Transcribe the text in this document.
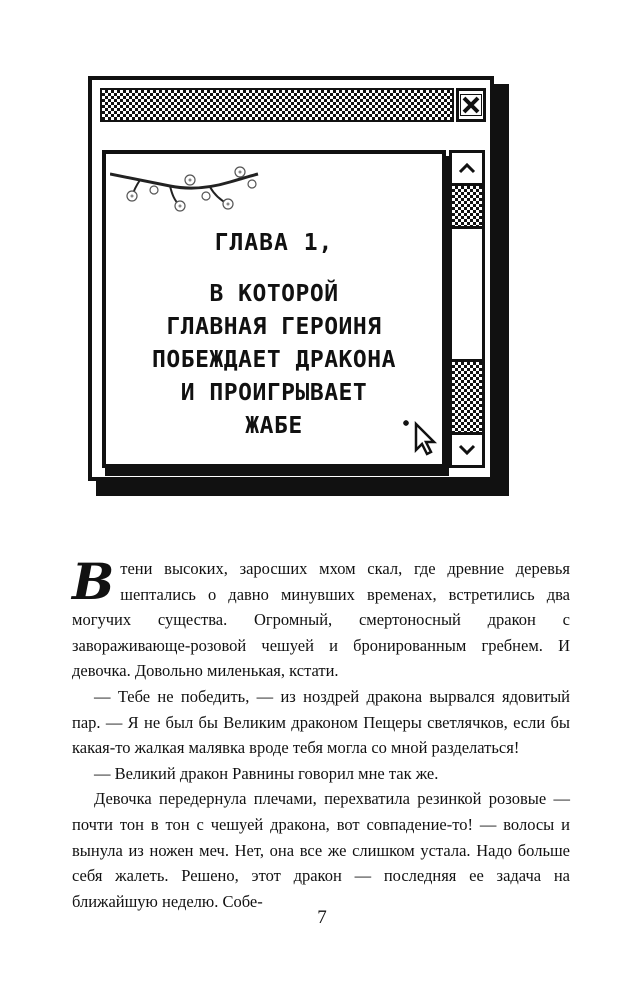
ГЛАВА 1,
В КОТОРОЙ
ГЛАВНАЯ ГЕРОИНЯ
ПОБЕЖДАЕТ ДРАКОНА
И ПРОИГРЫВАЕТ
ЖАБЕ

Втени высоких, заросших мхом скал, где древние деревья шептались о давно минувших временах, встретились два могучих существа. Огромный, смертоносный дракон с завораживающе-розовой чешуей и бронированным гребнем. И девочка. Довольно миленькая, кстати.

— Тебе не победить, — из ноздрей дракона вырвался ядовитый пар. — Я не был бы Великим драконом Пещеры светлячков, если бы какая-то жалкая малявка вроде тебя могла со мной разделаться!

— Великий дракон Равнины говорил мне так же.

Девочка передернула плечами, перехватила резинкой розовые — почти тон в тон с чешуей дракона, вот совпадение-то! — волосы и вынула из ножен меч. Нет, она все же слишком устала. Надо больше себя жалеть. Решено, этот дракон — последняя ее задача на ближайшую неделю. Собе-

7
